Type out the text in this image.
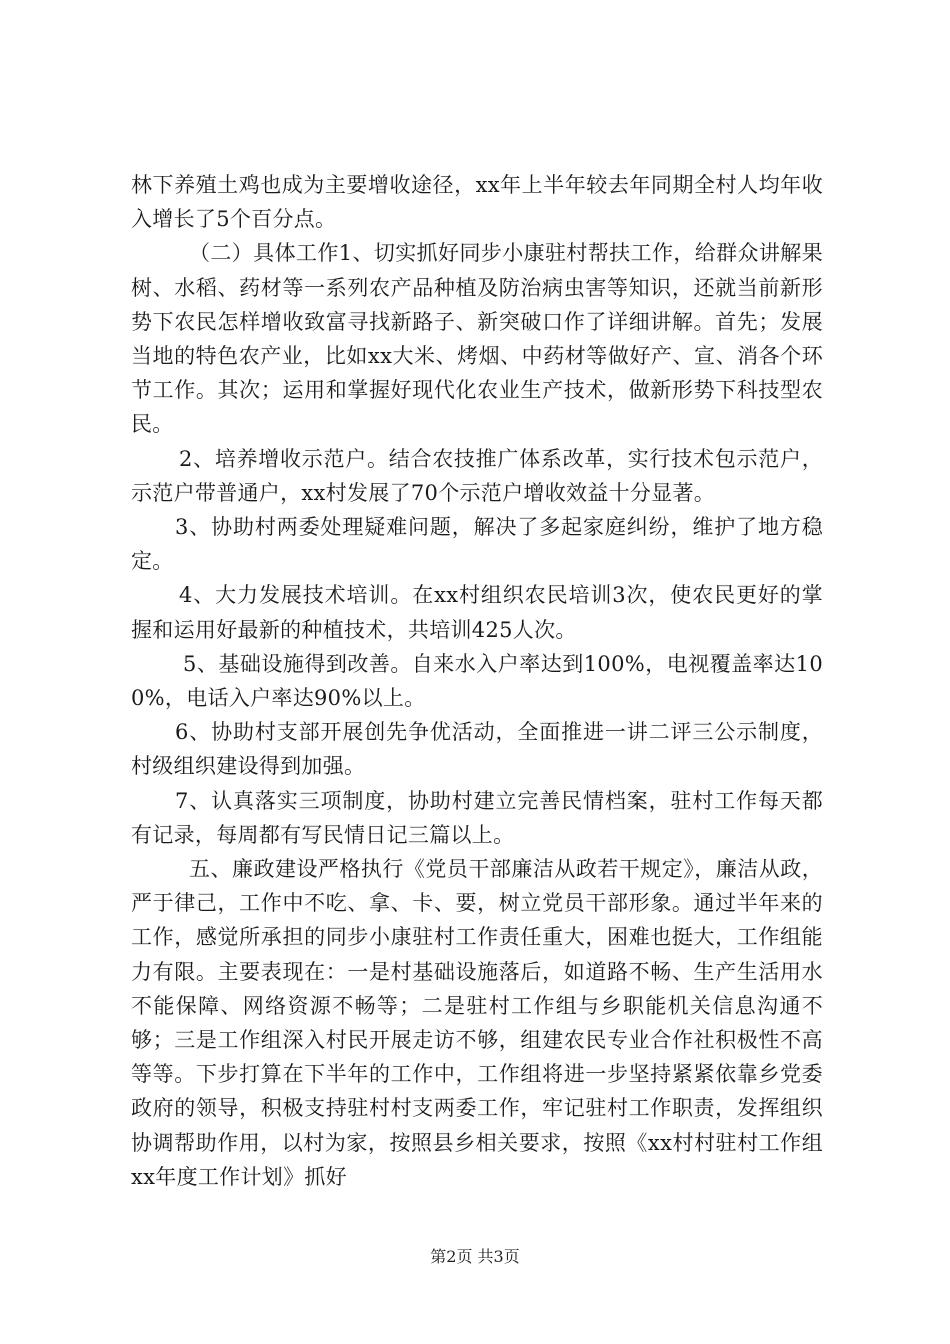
林下养殖土鸡也成为主要增收途径，xx年上半年较去年同期全村人均年收入增长了5个百分点。

（二）具体工作1、切实抓好同步小康驻村帮扶工作，给群众讲解果树、水稻、药材等一系列农产品种植及防治病虫害等知识，还就当前新形势下农民怎样增收致富寻找新路子、新突破口作了详细讲解。首先；发展当地的特色农产业，比如xx大米、烤烟、中药材等做好产、宣、消各个环节工作。其次；运用和掌握好现代化农业生产技术，做新形势下科技型农民。

2、培养增收示范户。结合农技推广体系改革，实行技术包示范户，示范户带普通户，xx村发展了70个示范户增收效益十分显著。

3、协助村两委处理疑难问题，解决了多起家庭纠纷，维护了地方稳定。

4、大力发展技术培训。在xx村组织农民培训3次，使农民更好的掌握和运用好最新的种植技术，共培训425人次。

5、基础设施得到改善。自来水入户率达到100%，电视覆盖率达100%，电话入户率达90%以上。

6、协助村支部开展创先争优活动，全面推进一讲二评三公示制度，村级组织建设得到加强。

7、认真落实三项制度，协助村建立完善民情档案，驻村工作每天都有记录，每周都有写民情日记三篇以上。

五、廉政建设严格执行《党员干部廉洁从政若干规定》，廉洁从政，严于律己，工作中不吃、拿、卡、要，树立党员干部形象。通过半年来的工作，感觉所承担的同步小康驻村工作责任重大，困难也挺大，工作组能力有限。主要表现在：一是村基础设施落后，如道路不畅、生产生活用水不能保障、网络资源不畅等；二是驻村工作组与乡职能机关信息沟通不够；三是工作组深入村民开展走访不够，组建农民专业合作社积极性不高等等。下步打算在下半年的工作中，工作组将进一步坚持紧紧依靠乡党委政府的领导，积极支持驻村村支两委工作，牢记驻村工作职责，发挥组织协调帮助作用，以村为家，按照县乡相关要求，按照《xx村村驻村工作组xx年度工作计划》抓好

第2页 共3页
